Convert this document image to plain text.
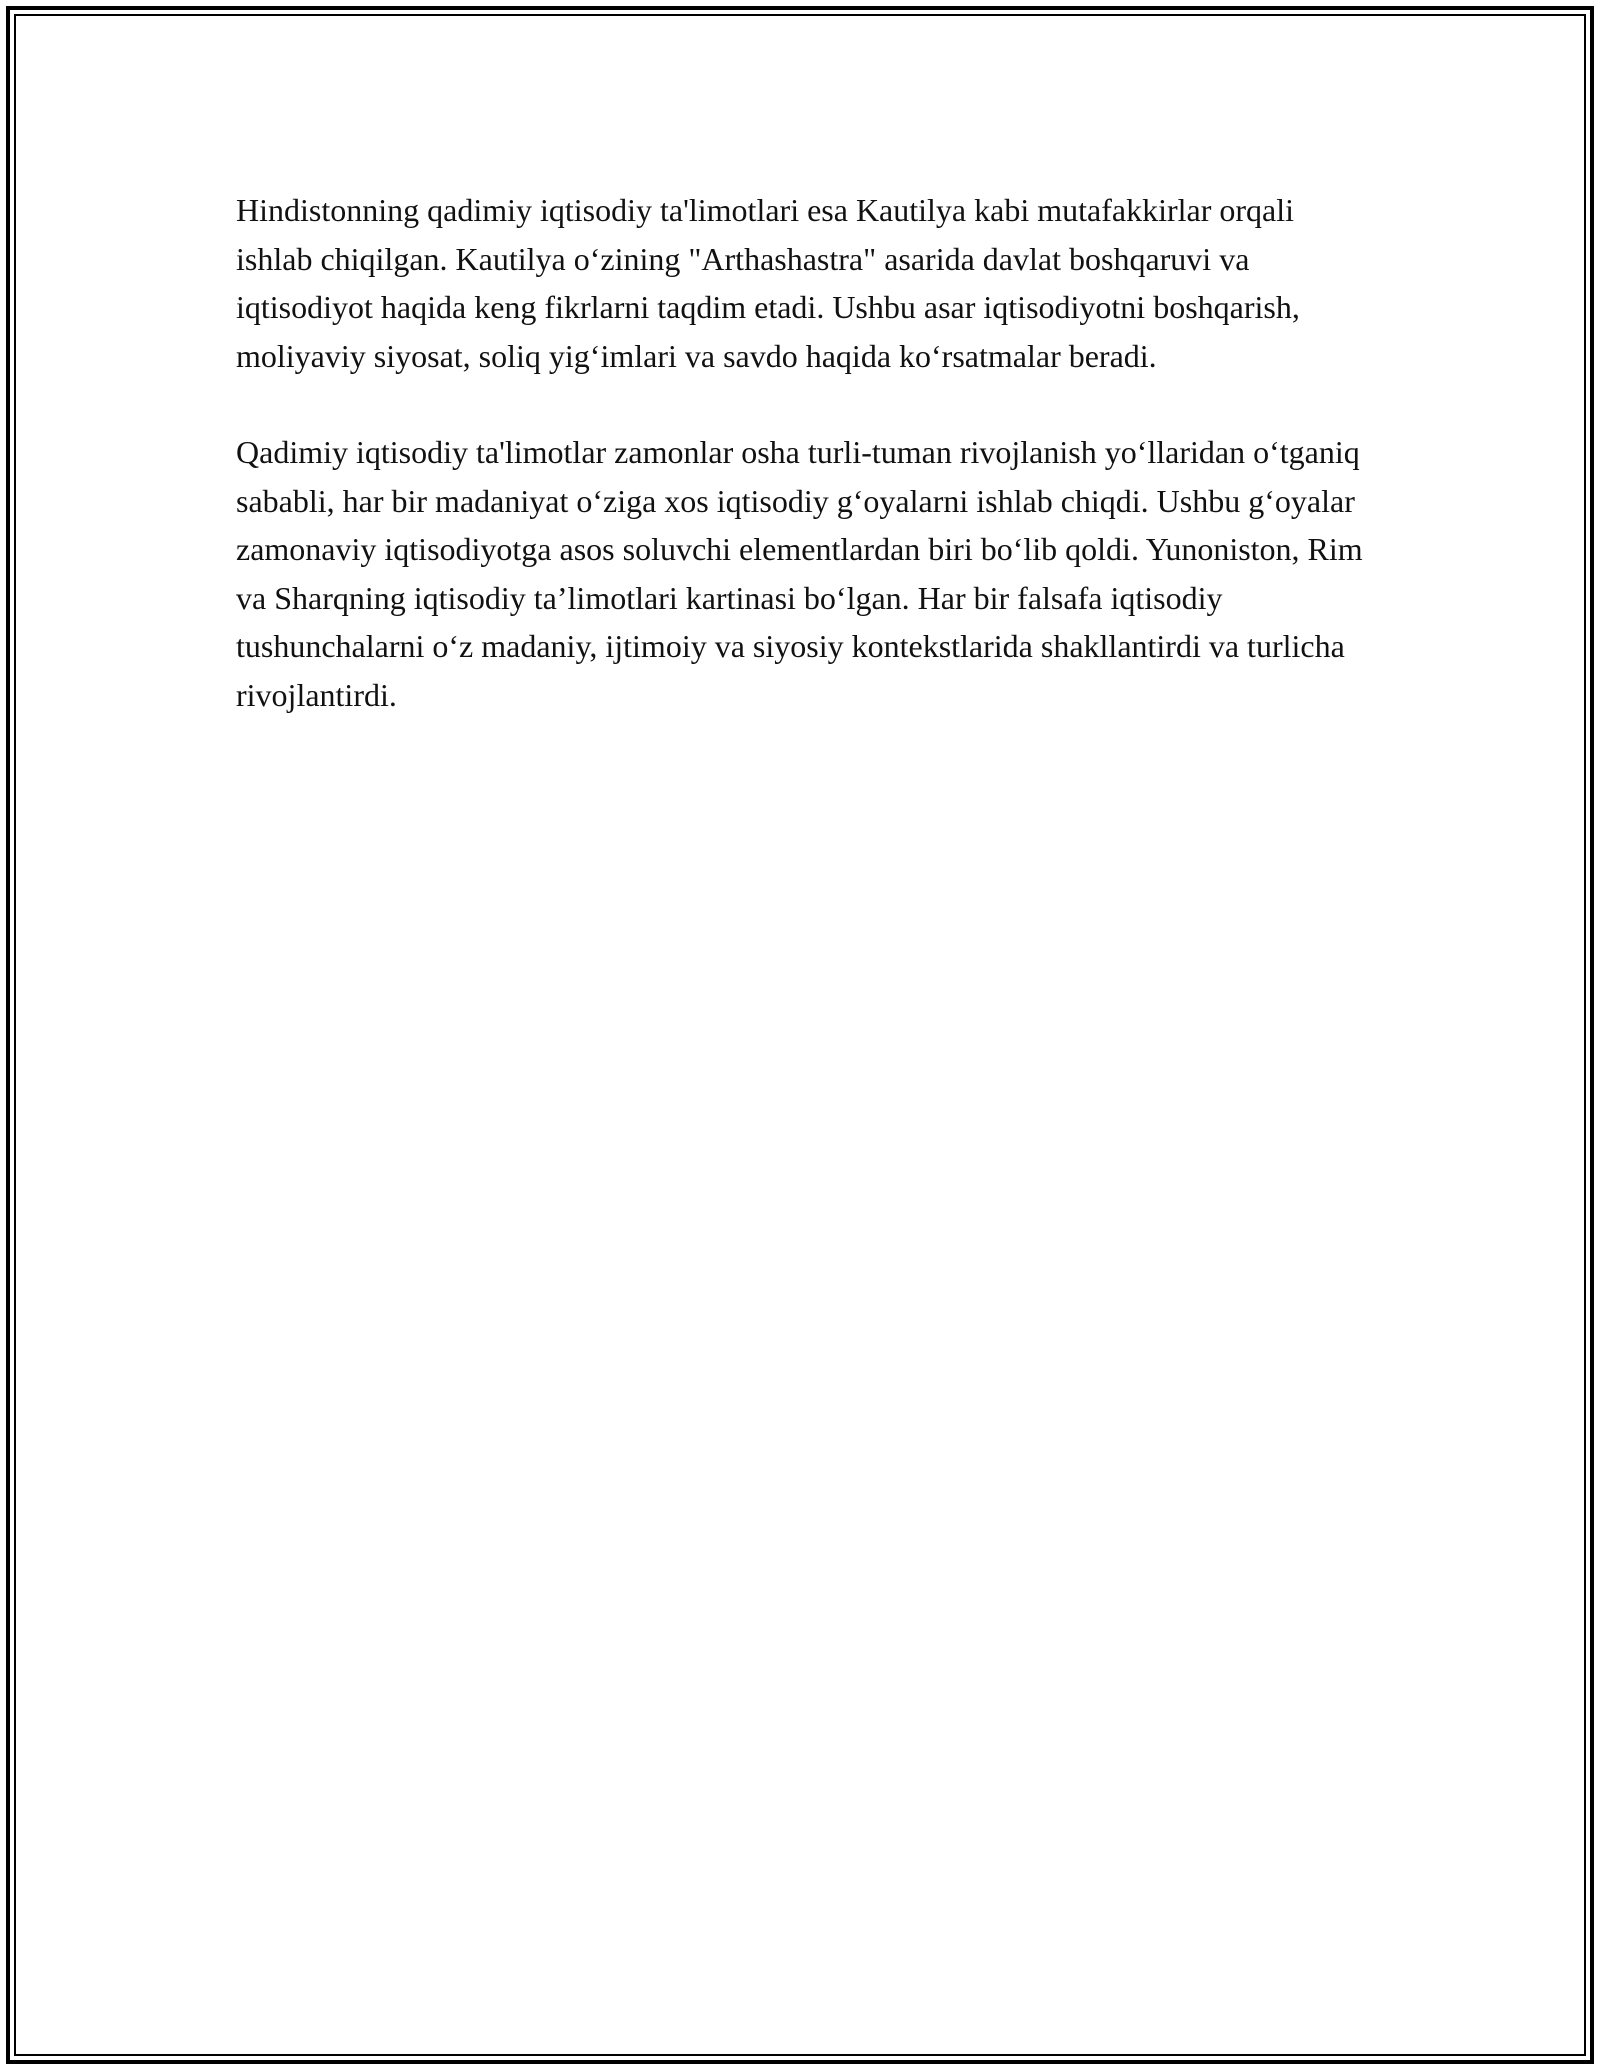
Hindistonning qadimiy iqtisodiy ta'limotlari esa Kautilya kabi mutafakkirlar orqali ishlab chiqilgan. Kautilya o‘zining "Arthashastra" asarida davlat boshqaruvi va iqtisodiyot haqida keng fikrlarni taqdim etadi. Ushbu asar iqtisodiyotni boshqarish, moliyaviy siyosat, soliq yig‘imlari va savdo haqida ko‘rsatmalar beradi.

Qadimiy iqtisodiy ta'limotlar zamonlar osha turli-tuman rivojlanish yo‘llaridan o‘tganiq sababli, har bir madaniyat o‘ziga xos iqtisodiy g‘oyalarni ishlab chiqdi. Ushbu g‘oyalar zamonaviy iqtisodiyotga asos soluvchi elementlardan biri bo‘lib qoldi. Yunoniston, Rim va Sharqning iqtisodiy ta’limotlari kartinasi bo‘lgan. Har bir falsafa iqtisodiy tushunchalarni o‘z madaniy, ijtimoiy va siyosiy kontekstlarida shakllantirdi va turlicha rivojlantirdi.
